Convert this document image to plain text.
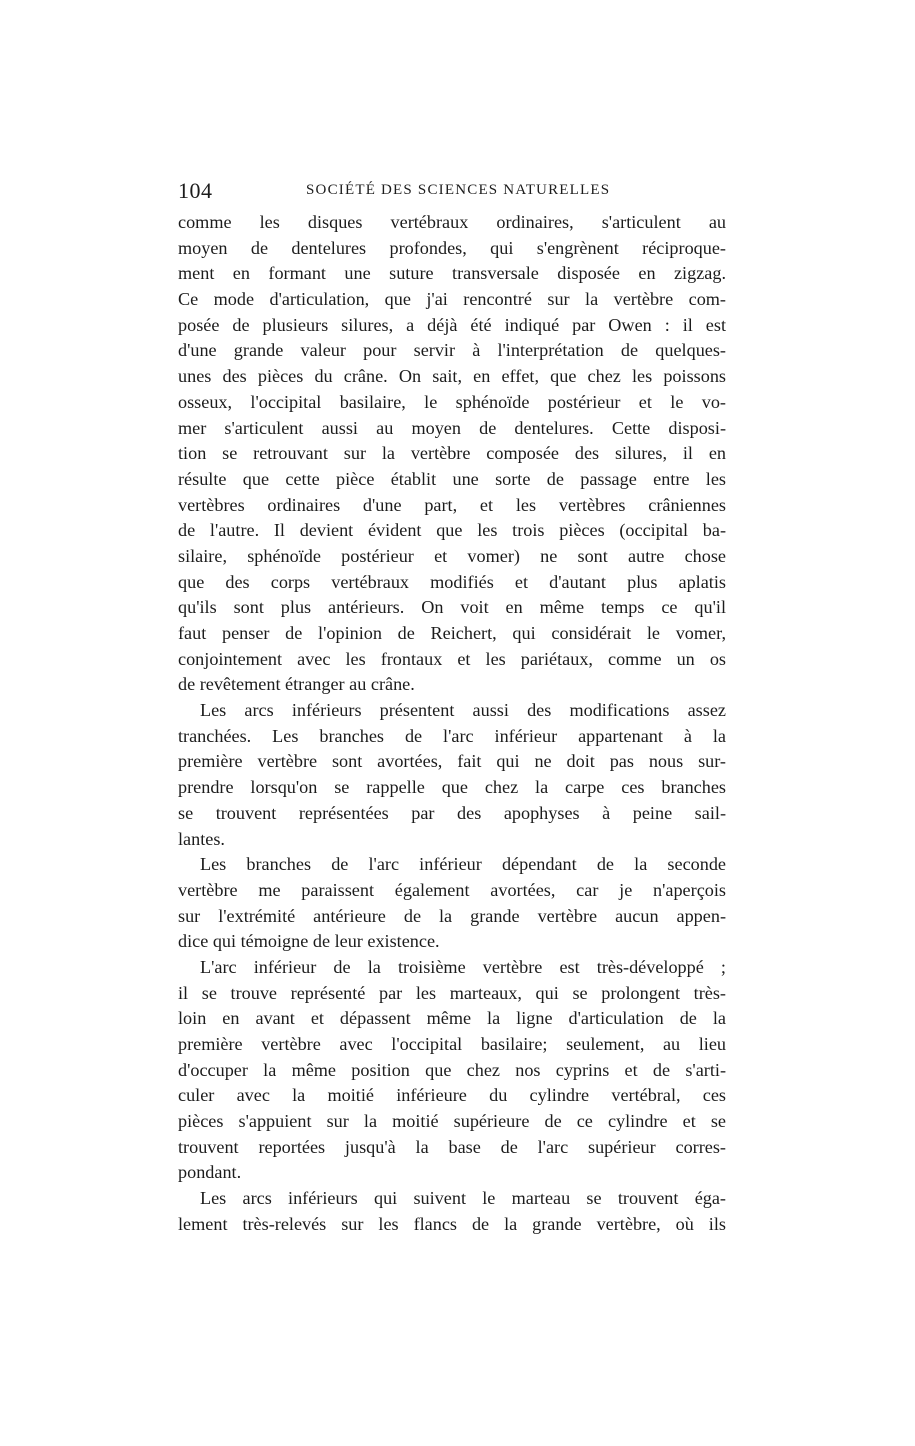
104	SOCIÉTÉ DES SCIENCES NATURELLES
comme les disques vertébraux ordinaires, s'articulent au
moyen de dentelures profondes, qui s'engrènent réciproque-
ment en formant une suture transversale disposée en zigzag.
Ce mode d'articulation, que j'ai rencontré sur la vertèbre com-
posée de plusieurs silures, a déjà été indiqué par Owen : il est
d'une grande valeur pour servir à l'interprétation de quelques-
unes des pièces du crâne. On sait, en effet, que chez les poissons
osseux, l'occipital basilaire, le sphénoïde postérieur et le vo-
mer s'articulent aussi au moyen de dentelures. Cette disposi-
tion se retrouvant sur la vertèbre composée des silures, il en
résulte que cette pièce établit une sorte de passage entre les
vertèbres ordinaires d'une part, et les vertèbres crâniennes
de l'autre. Il devient évident que les trois pièces (occipital ba-
silaire, sphénoïde postérieur et vomer) ne sont autre chose
que des corps vertébraux modifiés et d'autant plus aplatis
qu'ils sont plus antérieurs. On voit en même temps ce qu'il
faut penser de l'opinion de Reichert, qui considérait le vomer,
conjointement avec les frontaux et les pariétaux, comme un os
de revêtement étranger au crâne.
Les arcs inférieurs présentent aussi des modifications assez
tranchées. Les branches de l'arc inférieur appartenant à la
première vertèbre sont avortées, fait qui ne doit pas nous sur-
prendre lorsqu'on se rappelle que chez la carpe ces branches
se trouvent représentées par des apophyses à peine sail-
lantes.
Les branches de l'arc inférieur dépendant de la seconde
vertèbre me paraissent également avortées, car je n'aperçois
sur l'extrémité antérieure de la grande vertèbre aucun appen-
dice qui témoigne de leur existence.
L'arc inférieur de la troisième vertèbre est très-développé ;
il se trouve représenté par les marteaux, qui se prolongent très-
loin en avant et dépassent même la ligne d'articulation de la
première vertèbre avec l'occipital basilaire; seulement, au lieu
d'occuper la même position que chez nos cyprins et de s'arti-
culer avec la moitié inférieure du cylindre vertébral, ces
pièces s'appuient sur la moitié supérieure de ce cylindre et se
trouvent reportées jusqu'à la base de l'arc supérieur corres-
pondant.
Les arcs inférieurs qui suivent le marteau se trouvent éga-
lement très-relevés sur les flancs de la grande vertèbre, où ils
